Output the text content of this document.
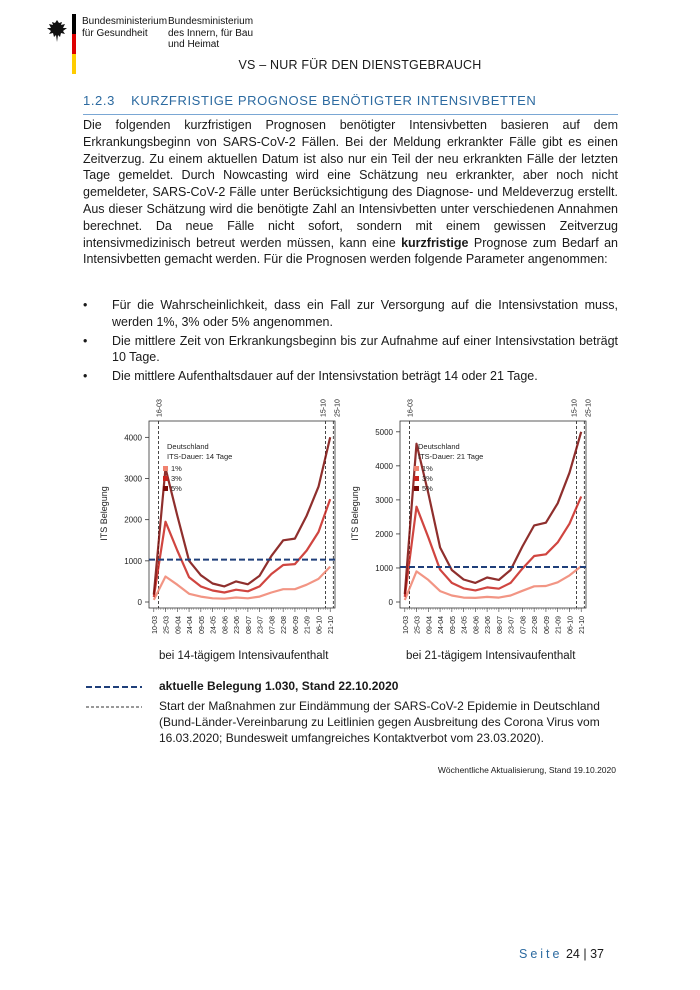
Bundesministerium
für Gesundheit
Bundesministerium
des Innern, für Bau
und Heimat
VS – NUR FÜR DEN DIENSTGEBRAUCH
1.2.3 KURZFRISTIGE PROGNOSE BENÖTIGTER INTENSIVBETTEN

Die folgenden kurzfristigen Prognosen benötigter Intensivbetten basieren auf dem Erkrankungsbeginn von SARS-CoV-2 Fällen. Bei der Meldung erkrankter Fälle gibt es einen Zeitverzug. Zu einem aktuellen Datum ist also nur ein Teil der neu erkrankten Fälle der letzten Tage gemeldet. Durch Nowcasting wird eine Schätzung neu erkrankter, aber noch nicht gemeldeter, SARS-CoV-2 Fälle unter Berücksichtigung des Diagnose- und Meldeverzug erstellt. Aus dieser Schätzung wird die benötigte Zahl an Intensivbetten unter verschiedenen Annahmen berechnet. Da neue Fälle nicht sofort, sondern mit einem gewissen Zeitverzug intensivmedizinisch betreut werden müssen, kann eine kurzfristige Prognose zum Bedarf an Intensivbetten gemacht werden. Für die Prognosen werden folgende Parameter angenommen:

• Für die Wahrscheinlichkeit, dass ein Fall zur Versorgung auf die Intensivstation muss, werden 1%, 3% oder 5% angenommen.
• Die mittlere Zeit von Erkrankungsbeginn bis zur Aufnahme auf einer Intensivstation beträgt 10 Tage.
• Die mittlere Aufenthaltsdauer auf der Intensivstation beträgt 14 oder 21 Tage.
0
1000
2000
3000
4000
ITS Belegung
10-03 25-03 09-04 24-04 09-05 24-05 08-06 23-06 08-07 23-07 07-08 22-08 06-09 21-09 06-10 21-10
16-03	15-10 25-10
Deutschland
ITS-Dauer: 14 Tage
1%
3%
5%
0
1000
2000
3000
4000
5000
ITS Belegung
10-03 25-03 09-04 24-04 09-05 24-05 08-06 23-06 08-07 23-07 07-08 22-08 06-09 21-09 06-10 21-10
16-03	15-10 25-10
Deutschland
ITS-Dauer: 21 Tage
1%
3%
5%
bei 14-tägigem Intensivaufenthalt	bei 21-tägigem Intensivaufenthalt
aktuelle Belegung 1.030, Stand 22.10.2020
Start der Maßnahmen zur Eindämmung der SARS-CoV-2 Epidemie in Deutschland (Bund-Länder-Vereinbarung zu Leitlinien gegen Ausbreitung des Corona Virus vom 16.03.2020; Bundesweit umfangreiches Kontaktverbot vom 23.03.2020).
Wöchentliche Aktualisierung, Stand 19.10.2020
Seite 24 | 37
